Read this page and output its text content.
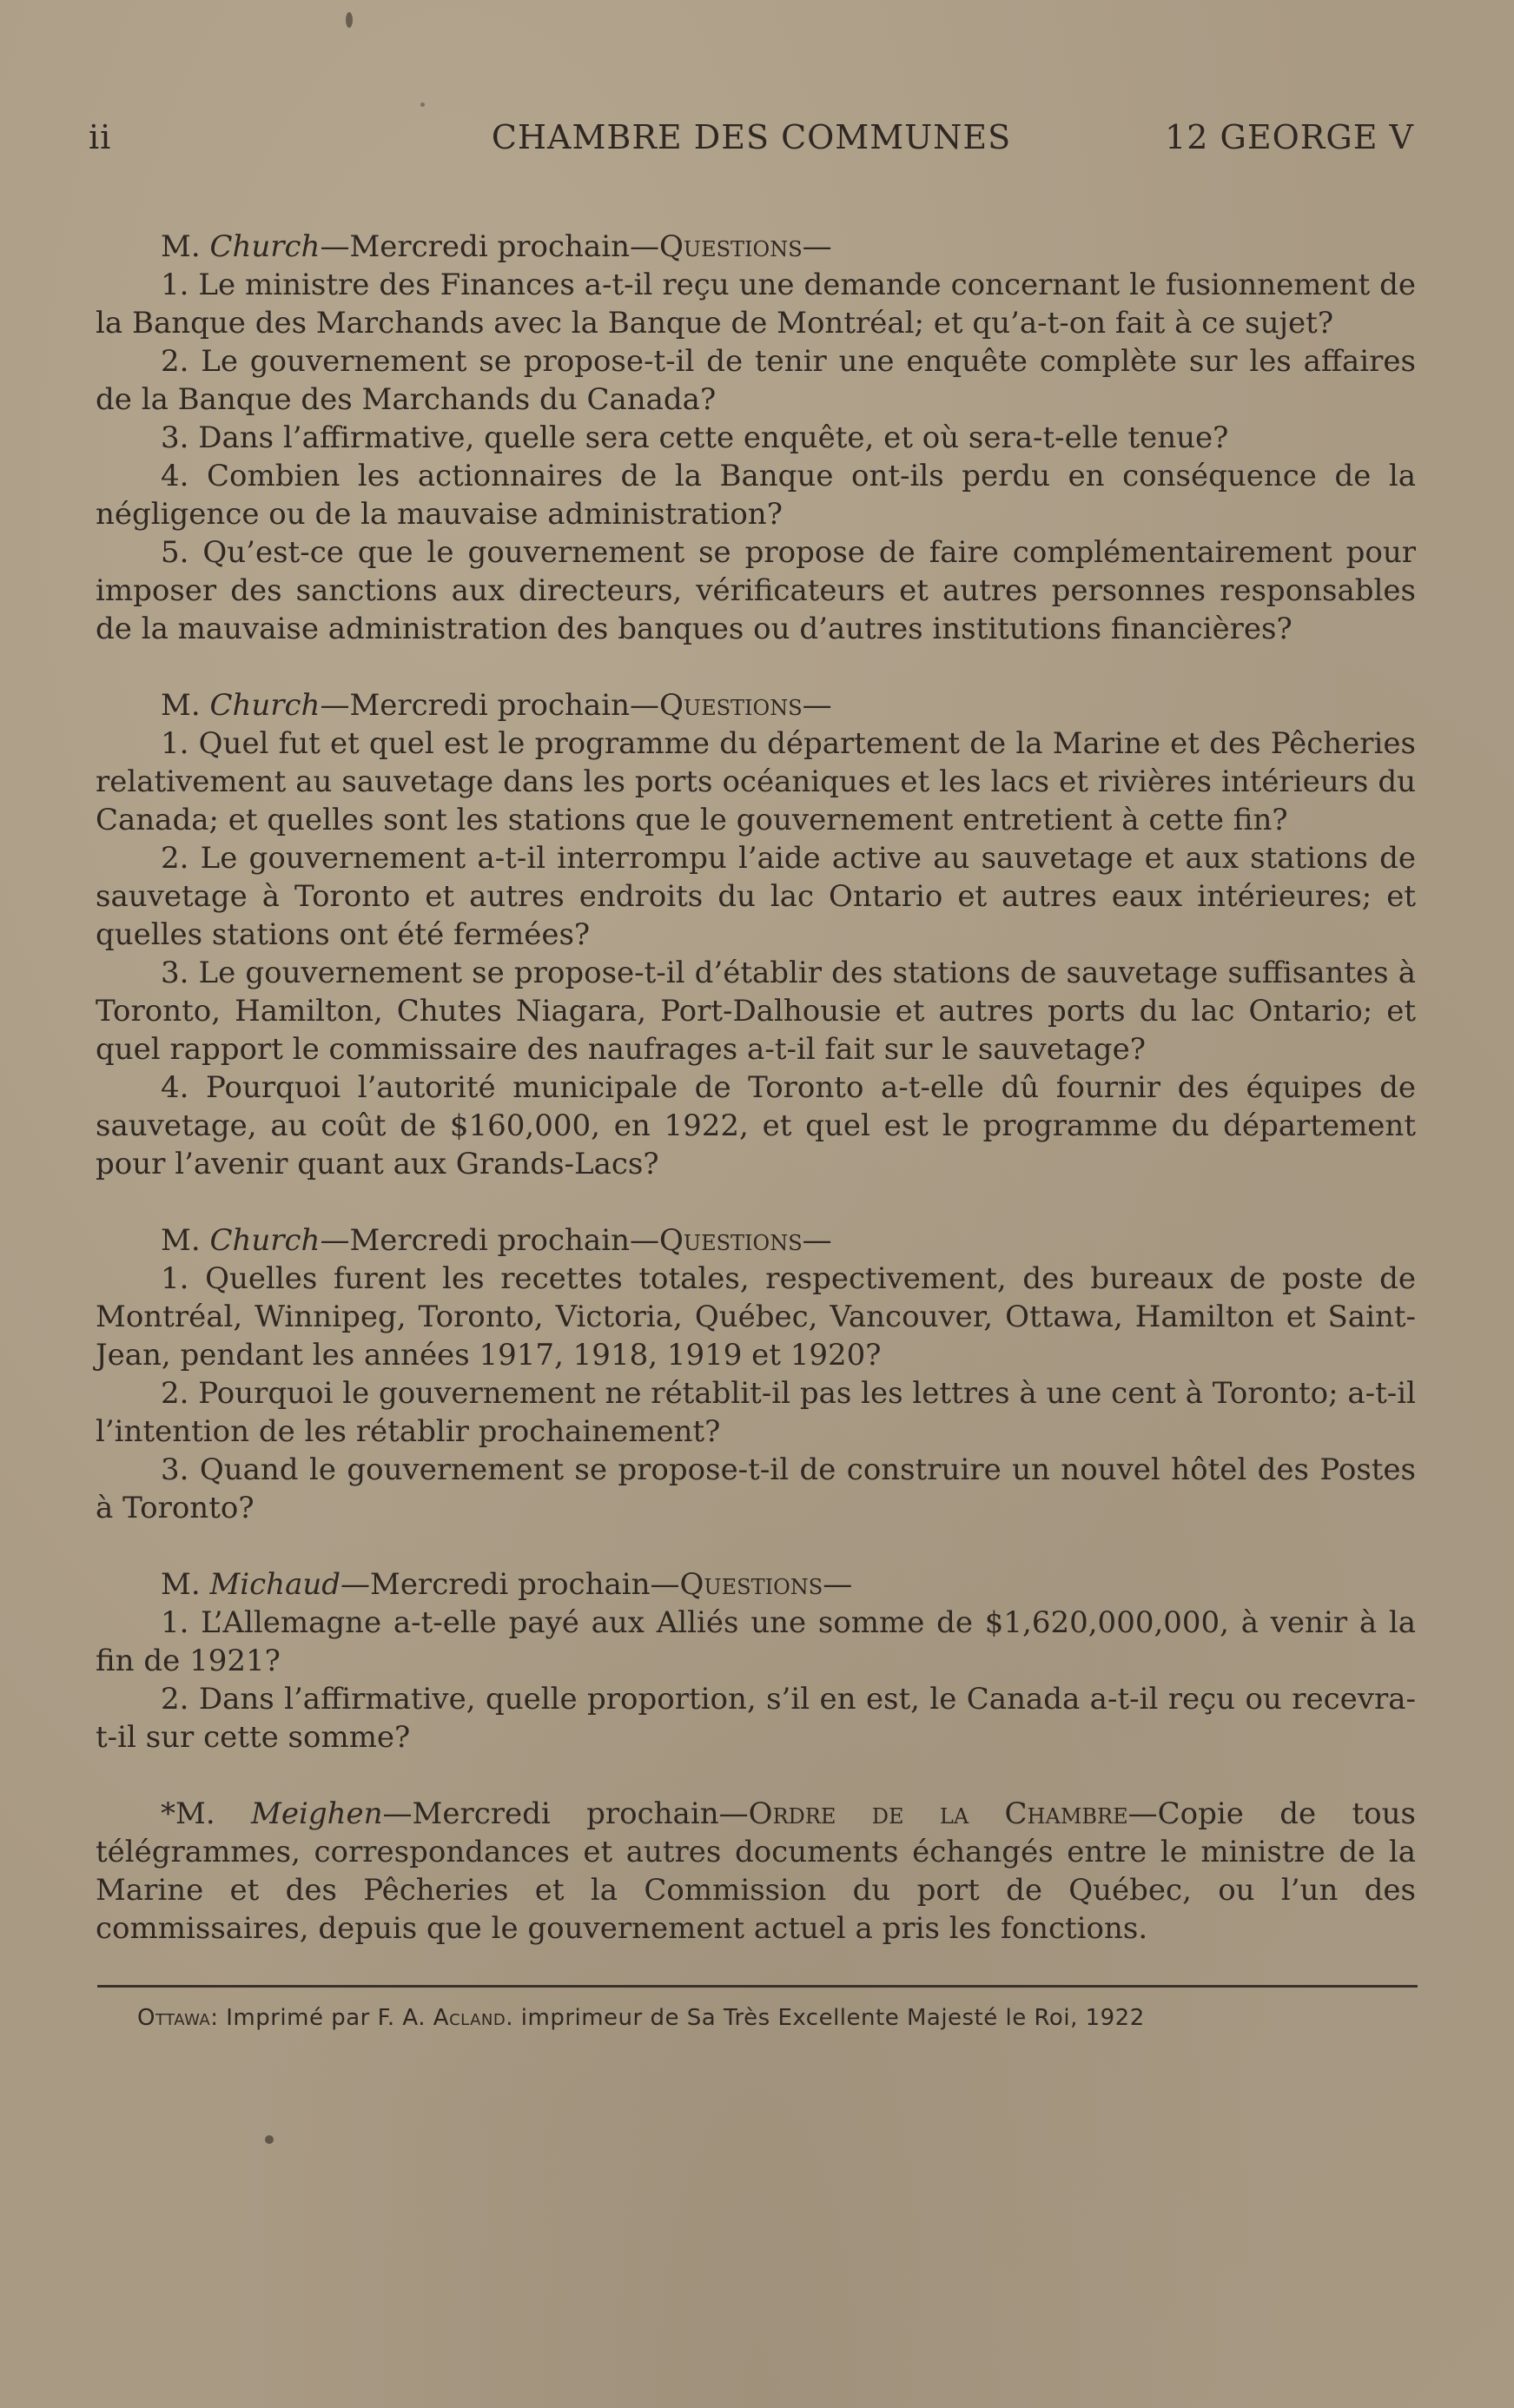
ii	CHAMBRE DES COMMUNES	12 GEORGE V

M. Church—Mercredi prochain—Questions—

1. Le ministre des Finances a-t-il reçu une demande concernant le fusionnement de la Banque des Marchands avec la Banque de Montréal; et qu’a-t-on fait à ce sujet?

2. Le gouvernement se propose-t-il de tenir une enquête complète sur les affaires de la Banque des Marchands du Canada?

3. Dans l’affirmative, quelle sera cette enquête, et où sera-t-elle tenue?

4. Combien les actionnaires de la Banque ont-ils perdu en conséquence de la négligence ou de la mauvaise administration?

5. Qu’est-ce que le gouvernement se propose de faire complémentairement pour imposer des sanctions aux directeurs, vérificateurs et autres personnes responsables de la mauvaise administration des banques ou d’autres institutions financières?

M. Church—Mercredi prochain—Questions—

1. Quel fut et quel est le programme du département de la Marine et des Pêcheries relativement au sauvetage dans les ports océaniques et les lacs et rivières intérieurs du Canada; et quelles sont les stations que le gouvernement entretient à cette fin?

2. Le gouvernement a-t-il interrompu l’aide active au sauvetage et aux stations de sauvetage à Toronto et autres endroits du lac Ontario et autres eaux intérieures; et quelles stations ont été fermées?

3. Le gouvernement se propose-t-il d’établir des stations de sauvetage suffisantes à Toronto, Hamilton, Chutes Niagara, Port-Dalhousie et autres ports du lac Ontario; et quel rapport le commissaire des naufrages a-t-il fait sur le sauvetage?

4. Pourquoi l’autorité municipale de Toronto a-t-elle dû fournir des équipes de sauvetage, au coût de $160,000, en 1922, et quel est le programme du département pour l’avenir quant aux Grands-Lacs?

M. Church—Mercredi prochain—Questions—

1. Quelles furent les recettes totales, respectivement, des bureaux de poste de Montréal, Winnipeg, Toronto, Victoria, Québec, Vancouver, Ottawa, Hamilton et Saint-Jean, pendant les années 1917, 1918, 1919 et 1920?

2. Pourquoi le gouvernement ne rétablit-il pas les lettres à une cent à Toronto; a-t-il l’intention de les rétablir prochainement?

3. Quand le gouvernement se propose-t-il de construire un nouvel hôtel des Postes à Toronto?

M. Michaud—Mercredi prochain—Questions—

1. L’Allemagne a-t-elle payé aux Alliés une somme de $1,620,000,000, à venir à la fin de 1921?

2. Dans l’affirmative, quelle proportion, s’il en est, le Canada a-t-il reçu ou recevra-t-il sur cette somme?

*M. Meighen—Mercredi prochain—Ordre de la Chambre—Copie de tous télégrammes, correspondances et autres documents échangés entre le ministre de la Marine et des Pêcheries et la Commission du port de Québec, ou l’un des commissaires, depuis que le gouvernement actuel a pris les fonctions.

Ottawa: Imprimé par F. A. Acland. imprimeur de Sa Très Excellente Majesté le Roi, 1922
